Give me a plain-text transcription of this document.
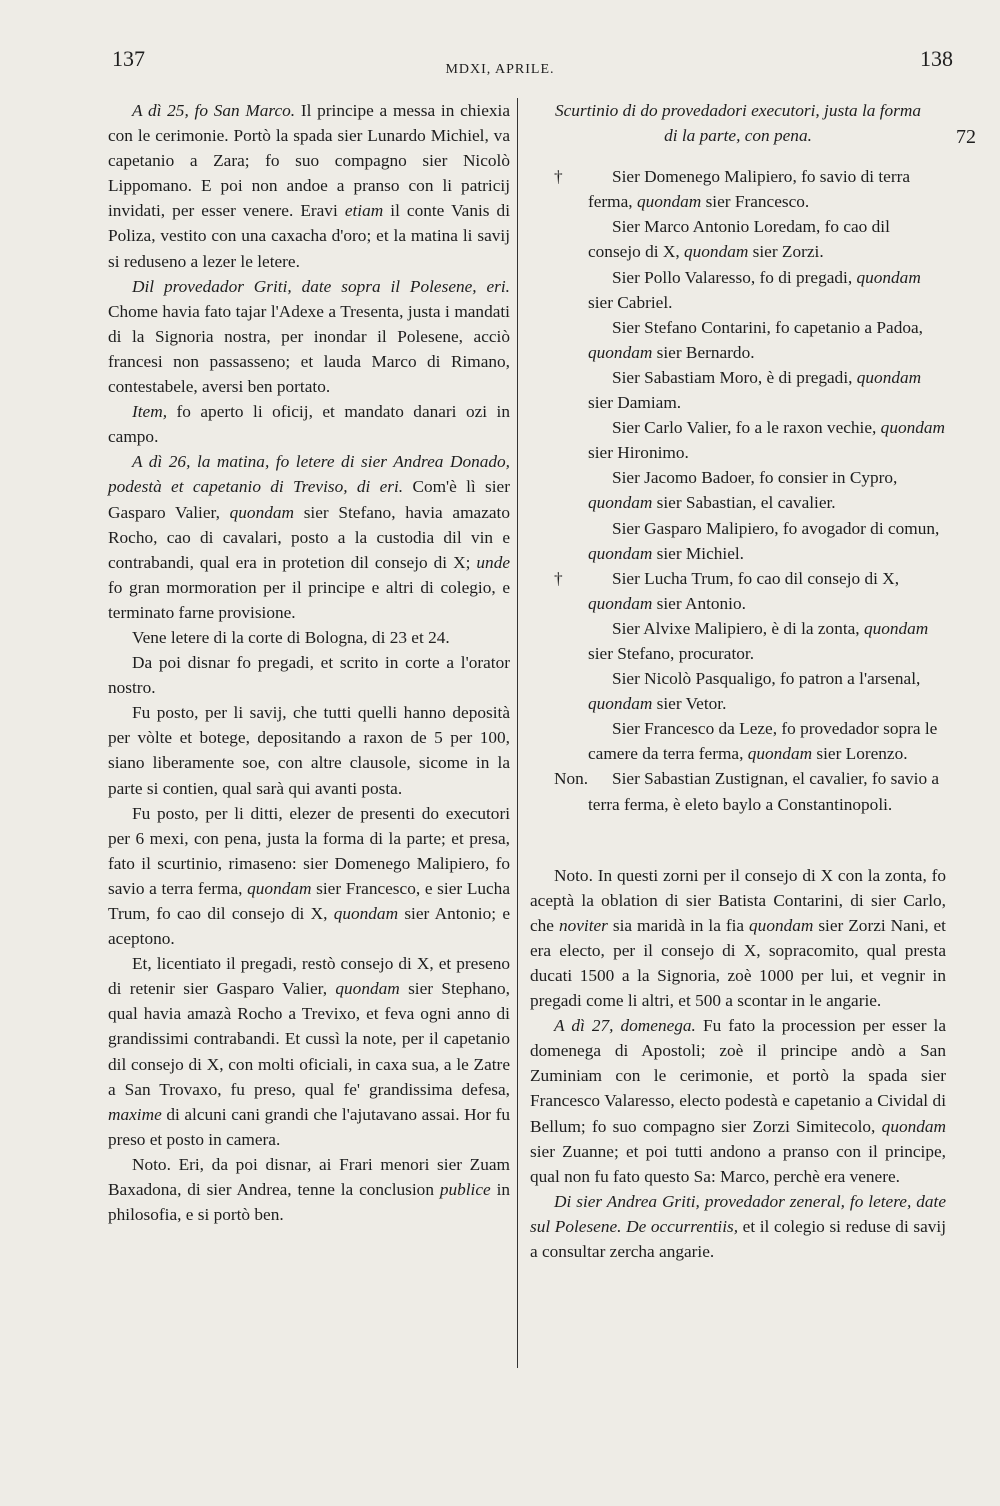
137	MDXI, APRILE.	138
72

A dì 25, fo San Marco. Il principe a messa in chiexia con le cerimonie. Portò la spada sier Lunardo Michiel, va capetanio a Zara; fo suo compagno sier Nicolò Lippomano. E poi non andoe a pranso con li patricij invidati, per esser venere. Eravi etiam il conte Vanis di Poliza, vestito con una caxacha d'oro; et la matina li savij si reduseno a lezer le letere.

Dil provedador Griti, date sopra il Polesene, eri. Chome havia fato tajar l'Adexe a Tresenta, justa i mandati di la Signoria nostra, per inondar il Polesene, acciò francesi non passasseno; et lauda Marco di Rimano, contestabele, aversi ben portato.

Item, fo aperto li oficij, et mandato danari ozi in campo.

A dì 26, la matina, fo letere di sier Andrea Donado, podestà et capetanio di Treviso, di eri. Com'è lì sier Gasparo Valier, quondam sier Stefano, havia amazato Rocho, cao di cavalari, posto a la custodia dil vin e contrabandi, qual era in protetion dil consejo di X; unde fo gran mormoration per il principe e altri di colegio, e terminato farne provisione.

Vene letere di la corte di Bologna, di 23 et 24.

Da poi disnar fo pregadi, et scrito in corte a l'orator nostro.

Fu posto, per li savij, che tutti quelli hanno deposità per vòlte et botege, depositando a raxon de 5 per 100, siano liberamente soe, con altre clausole, sicome in la parte si contien, qual sarà qui avanti posta.

Fu posto, per li ditti, elezer de presenti do executori per 6 mexi, con pena, justa la forma di la parte; et presa, fato il scurtinio, rimaseno: sier Domenego Malipiero, fo savio a terra ferma, quondam sier Francesco, e sier Lucha Trum, fo cao dil consejo di X, quondam sier Antonio; e aceptono.

Et, licentiato il pregadi, restò consejo di X, et preseno di retenir sier Gasparo Valier, quondam sier Stephano, qual havia amazà Rocho a Trevixo, et feva ogni anno di grandissimi contrabandi. Et cussì la note, per il capetanio dil consejo di X, con molti oficiali, in caxa sua, a le Zatre a San Trovaxo, fu preso, qual fe' grandissima defesa, maxime di alcuni cani grandi che l'ajutavano assai. Hor fu preso et posto in camera.

Noto. Eri, da poi disnar, ai Frari menori sier Zuam Baxadona, di sier Andrea, tenne la conclusion publice in philosofia, e si portò ben.

Scurtinio di do provedadori executori, justa la forma di la parte, con pena.

†	Sier Domenego Malipiero, fo savio di terra ferma, quondam sier Francesco.

Sier Marco Antonio Loredam, fo cao dil consejo di X, quondam sier Zorzi.

Sier Pollo Valaresso, fo di pregadi, quondam sier Cabriel.

Sier Stefano Contarini, fo capetanio a Padoa, quondam sier Bernardo.

Sier Sabastiam Moro, è di pregadi, quondam sier Damiam.

Sier Carlo Valier, fo a le raxon vechie, quondam sier Hironimo.

Sier Jacomo Badoer, fo consier in Cypro, quondam sier Sabastian, el cavalier.

Sier Gasparo Malipiero, fo avogador di comun, quondam sier Michiel.

†	Sier Lucha Trum, fo cao dil consejo di X, quondam sier Antonio.

Sier Alvixe Malipiero, è di la zonta, quondam sier Stefano, procurator.

Sier Nicolò Pasqualigo, fo patron a l'arsenal, quondam sier Vetor.

Sier Francesco da Leze, fo provedador sopra le camere da terra ferma, quondam sier Lorenzo.

Non. Sier Sabastian Zustignan, el cavalier, fo savio a terra ferma, è eleto baylo a Constantinopoli.

Noto. In questi zorni per il consejo di X con la zonta, fo aceptà la oblation di sier Batista Contarini, di sier Carlo, che noviter sia maridà in la fia quondam sier Zorzi Nani, et era electo, per il consejo di X, sopracomito, qual presta ducati 1500 a la Signoria, zoè 1000 per lui, et vegnir in pregadi come li altri, et 500 a scontar in le angarie.

A dì 27, domenega. Fu fato la procession per esser la domenega di Apostoli; zoè il principe andò a San Zuminiam con le cerimonie, et portò la spada sier Francesco Valaresso, electo podestà e capetanio a Cividal di Bellum; fo suo compagno sier Zorzi Simitecolo, quondam sier Zuanne; et poi tutti andono a pranso con il principe, qual non fu fato questo Sa: Marco, perchè era venere.

Di sier Andrea Griti, provedador zeneral, fo letere, date sul Polesene. De occurrentiis, et il colegio si reduse di savij a consultar zercha angarie.
